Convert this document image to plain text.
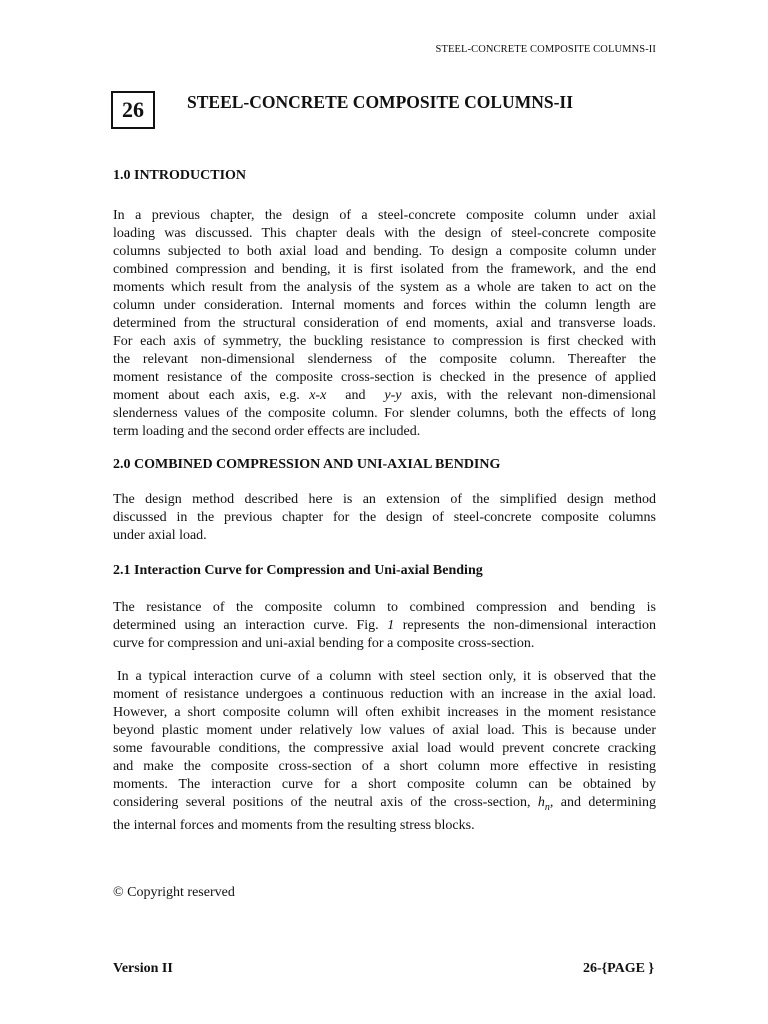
STEEL-CONCRETE COMPOSITE COLUMNS-II
26	STEEL-CONCRETE COMPOSITE COLUMNS-II
1.0 INTRODUCTION
In a previous chapter, the design of a steel-concrete composite column under axial
loading was discussed. This chapter deals with the design of steel-concrete composite
columns subjected to both axial load and bending. To design a composite column under
combined compression and bending, it is first isolated from the framework, and the end
moments which result from the analysis of the system as a whole are taken to act on the
column under consideration. Internal moments and forces within the column length are
determined from the structural consideration of end moments, axial and transverse loads.
For each axis of symmetry, the buckling resistance to compression is first checked with
the relevant non-dimensional slenderness of the composite column. Thereafter the
moment resistance of the composite cross-section is checked in the presence of applied
moment about each axis, e.g. x-x and y-y axis, with the relevant non-dimensional
slenderness values of the composite column. For slender columns, both the effects of long
term loading and the second order effects are included.
2.0 COMBINED COMPRESSION AND UNI-AXIAL BENDING
The design method described here is an extension of the simplified design method
discussed in the previous chapter for the design of steel-concrete composite columns
under axial load.
2.1 Interaction Curve for Compression and Uni-axial Bending
The resistance of the composite column to combined compression and bending is
determined using an interaction curve. Fig. 1 represents the non-dimensional interaction
curve for compression and uni-axial bending for a composite cross-section.
In a typical interaction curve of a column with steel section only, it is observed that the
moment of resistance undergoes a continuous reduction with an increase in the axial load.
However, a short composite column will often exhibit increases in the moment resistance
beyond plastic moment under relatively low values of axial load. This is because under
some favourable conditions, the compressive axial load would prevent concrete cracking
and make the composite cross-section of a short column more effective in resisting
moments. The interaction curve for a short composite column can be obtained by
considering several positions of the neutral axis of the cross-section, $h_n$, and determining
the internal forces and moments from the resulting stress blocks.
© Copyright reserved
Version II	26-{PAGE }
